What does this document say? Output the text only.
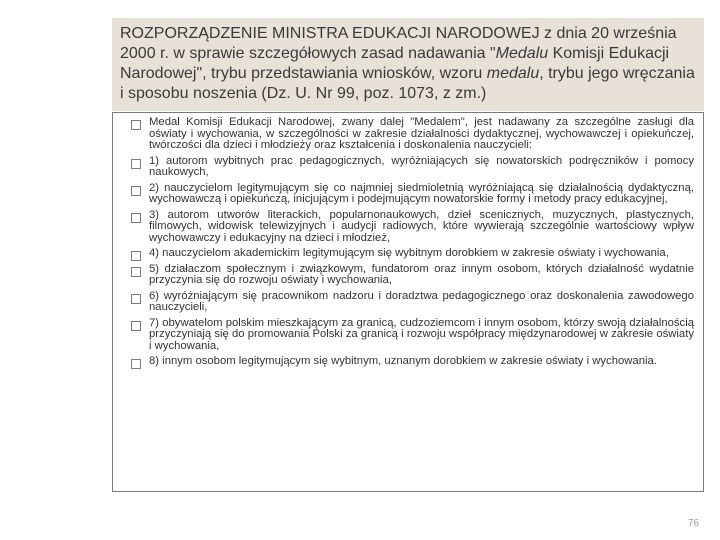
ROZPORZĄDZENIE MINISTRA EDUKACJI NARODOWEJ z dnia 20 września 2000 r. w sprawie szczegółowych zasad nadawania "Medalu Komisji Edukacji Narodowej", trybu przedstawiania wniosków, wzoru medalu, trybu jego wręczania i sposobu noszenia (Dz. U. Nr 99, poz. 1073, z zm.)
Medal Komisji Edukacji Narodowej, zwany dalej "Medalem", jest nadawany za szczególne zasługi dla oświaty i wychowania, w szczególności w zakresie działalności dydaktycznej, wychowawczej i opiekuńczej, twórczości dla dzieci i młodzieży oraz kształcenia i doskonalenia nauczycieli:
1) autorom wybitnych prac pedagogicznych, wyróżniających się nowatorskich podręczników i pomocy naukowych,
2) nauczycielom legitymującym się co najmniej siedmioletnią wyróżniającą się działalnością dydaktyczną, wychowawczą i opiekuńczą, inicjującym i podejmującym nowatorskie formy i metody pracy edukacyjnej,
3) autorom utworów literackich, popularnonaukowych, dzieł scenicznych, muzycznych, plastycznych, filmowych, widowisk telewizyjnych i audycji radiowych, które wywierają szczególnie wartościowy wpływ wychowawczy i edukacyjny na dzieci i młodzież,
4) nauczycielom akademickim legitymującym się wybitnym dorobkiem w zakresie oświaty i wychowania,
5) działaczom społecznym i związkowym, fundatorom oraz innym osobom, których działalność wydatnie przyczynia się do rozwoju oświaty i wychowania,
6) wyróżniającym się pracownikom nadzoru i doradztwa pedagogicznego oraz doskonalenia zawodowego nauczycieli,
7) obywatelom polskim mieszkającym za granicą, cudzoziemcom i innym osobom, którzy swoją działalnością przyczyniają się do promowania Polski za granicą i rozwoju współpracy międzynarodowej w zakresie oświaty i wychowania,
8) innym osobom legitymującym się wybitnym, uznanym dorobkiem w zakresie oświaty i wychowania.
76
